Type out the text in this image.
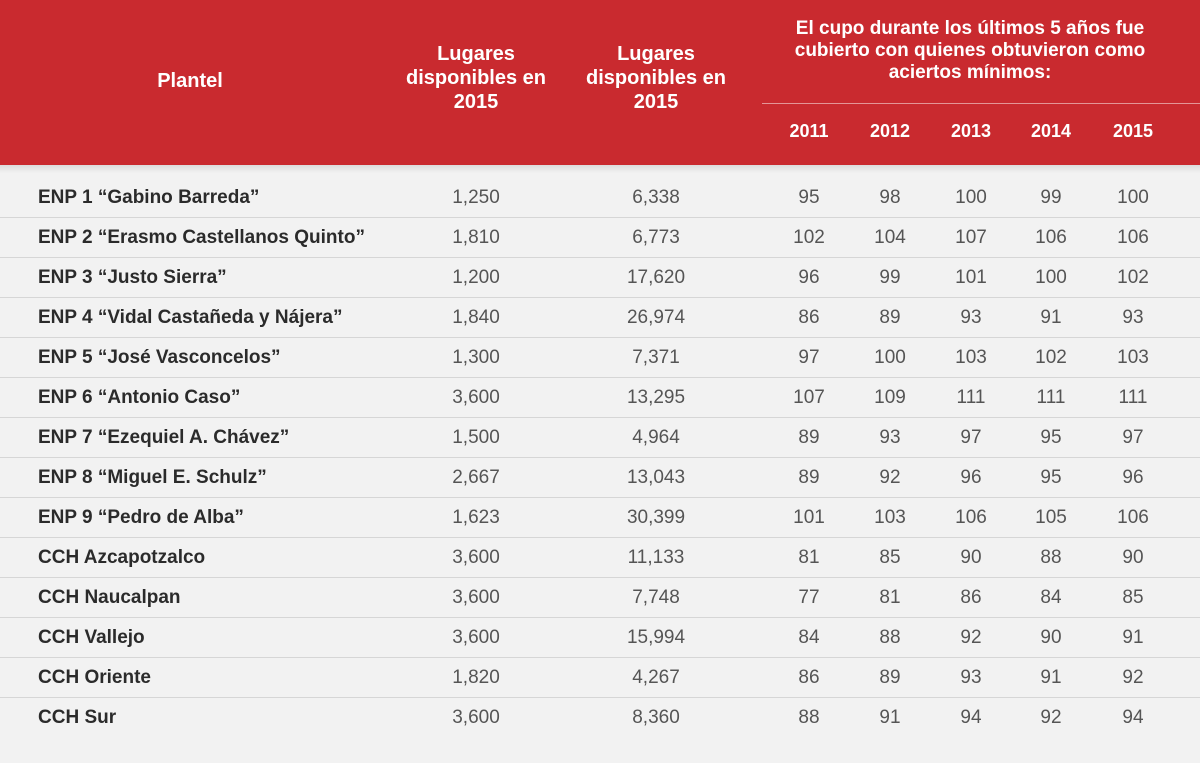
Plantel
Lugares disponibles en 2015
Lugares disponibles en 2015
El cupo durante los últimos 5 años fue cubierto con quienes obtuvieron como aciertos mínimos:
2011	2012	2013	2014	2015
ENP 1 “Gabino Barreda”	1,250	6,338	95	98	100	99	100
ENP 2 “Erasmo Castellanos Quinto”	1,810	6,773	102	104	107	106	106
ENP 3 “Justo Sierra”	1,200	17,620	96	99	101	100	102
ENP 4 “Vidal Castañeda y Nájera”	1,840	26,974	86	89	93	91	93
ENP 5 “José Vasconcelos”	1,300	7,371	97	100	103	102	103
ENP 6 “Antonio Caso”	3,600	13,295	107	109	111	111	111
ENP 7 “Ezequiel A. Chávez”	1,500	4,964	89	93	97	95	97
ENP 8 “Miguel E. Schulz”	2,667	13,043	89	92	96	95	96
ENP 9 “Pedro de Alba”	1,623	30,399	101	103	106	105	106
CCH Azcapotzalco	3,600	11,133	81	85	90	88	90
CCH Naucalpan	3,600	7,748	77	81	86	84	85
CCH Vallejo	3,600	15,994	84	88	92	90	91
CCH Oriente	1,820	4,267	86	89	93	91	92
CCH Sur	3,600	8,360	88	91	94	92	94
